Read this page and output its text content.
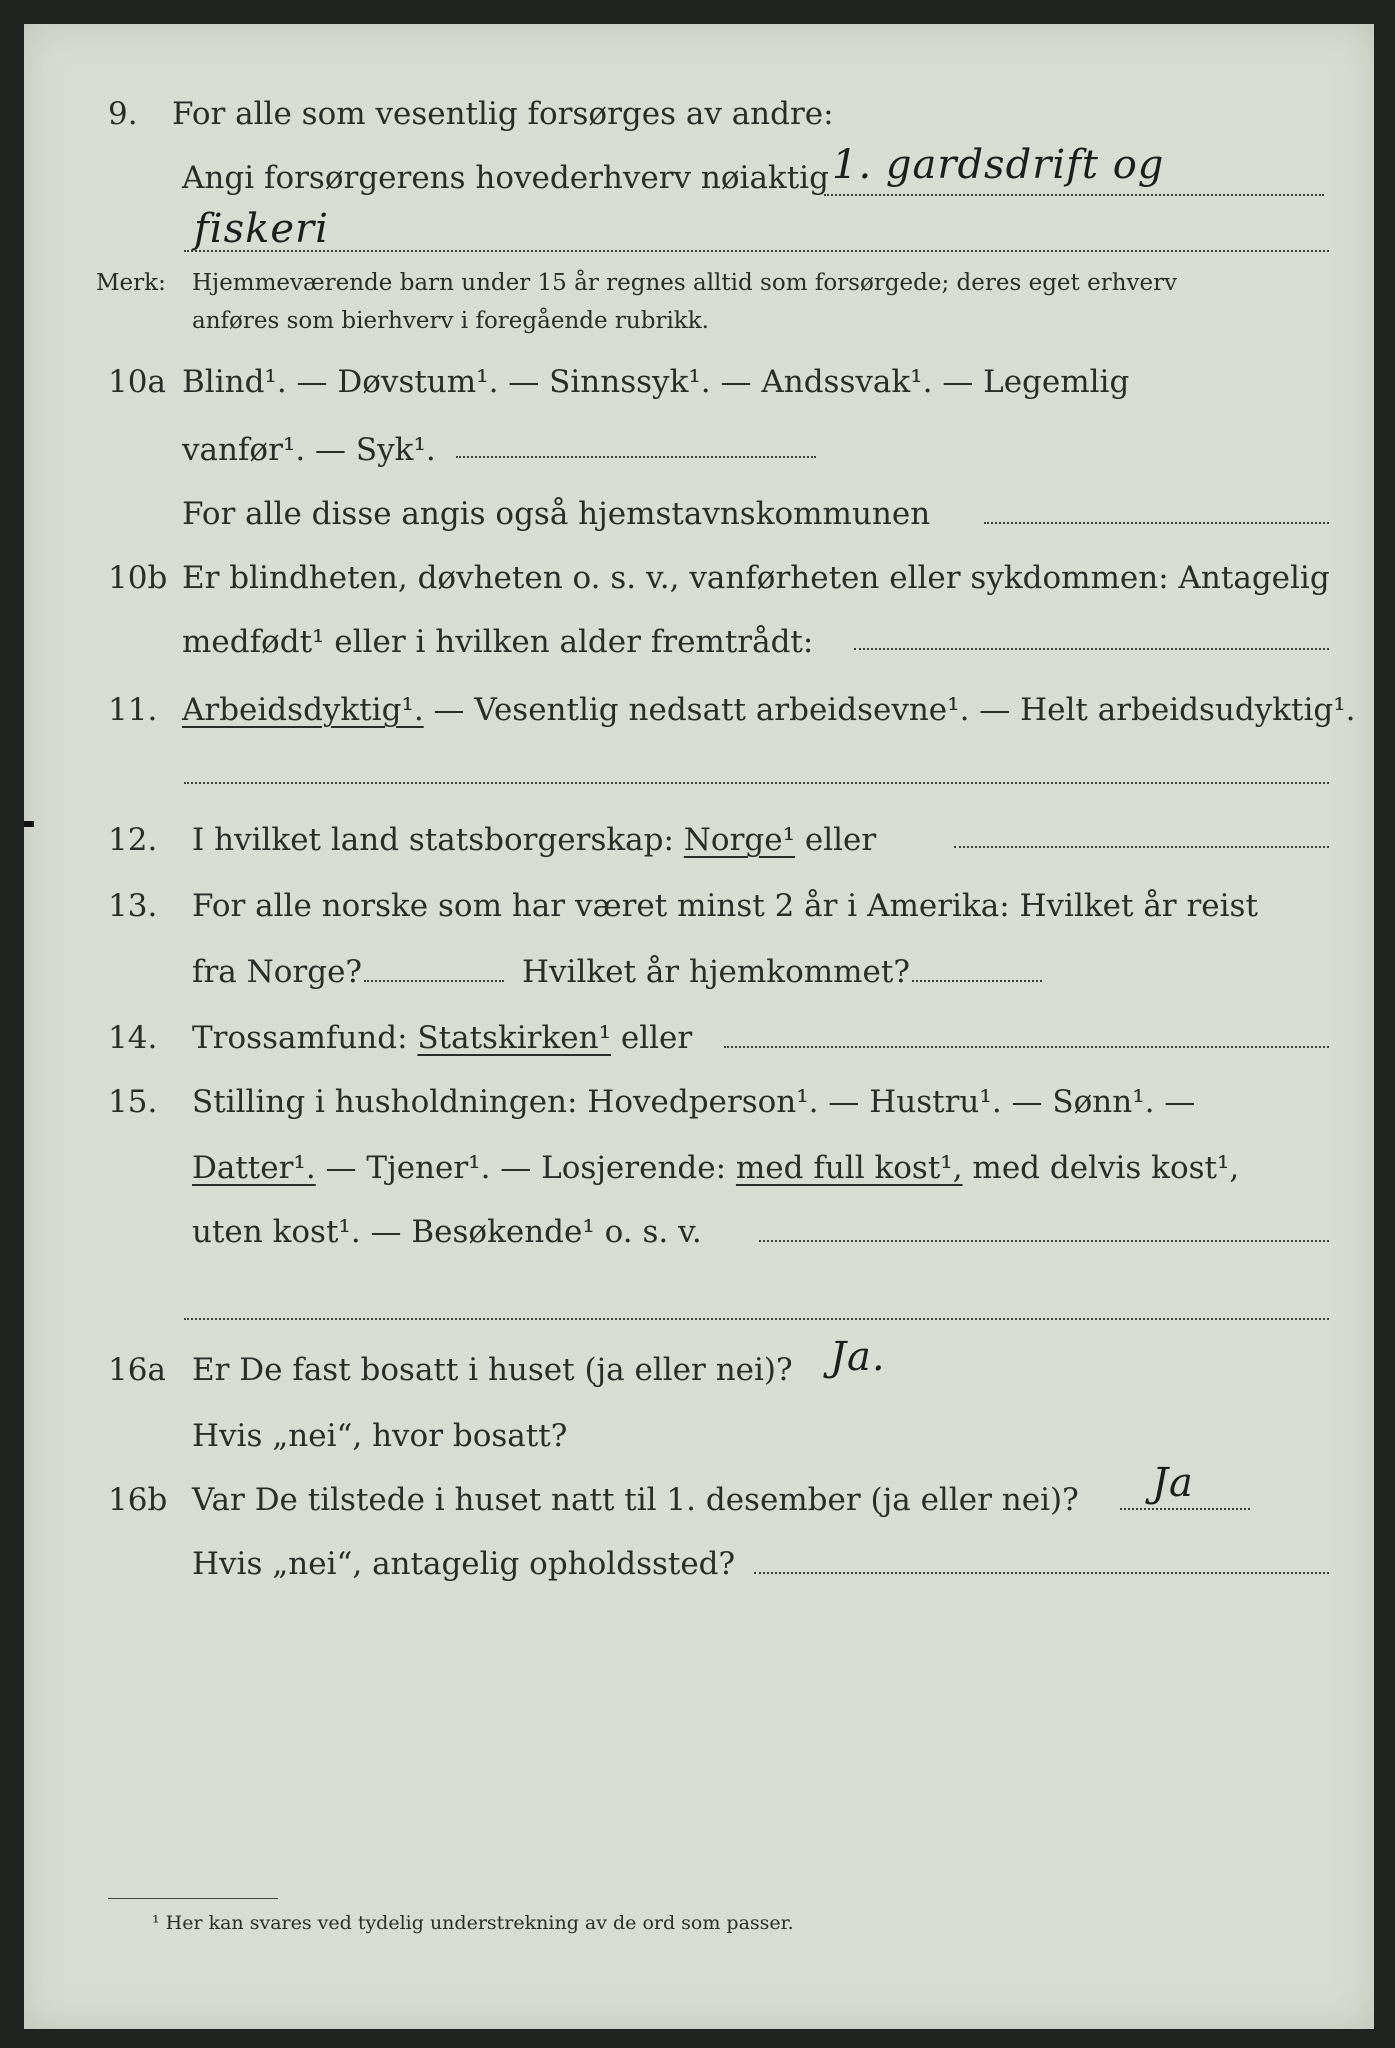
9. For alle som vesentlig forsørges av andre:
Angi forsørgerens hovederhverv nøiaktig 1. gardsdrift og
fiskeri
Merk: Hjemmeværende barn under 15 år regnes alltid som forsørgede; deres eget erhverv
anføres som bierhverv i foregående rubrikk.
10a Blind¹. — Døvstum¹. — Sinnssyk¹. — Andssvak¹. — Legemlig
vanfør¹. — Syk¹.
For alle disse angis også hjemstavnskommunen
10b Er blindheten, døvheten o. s. v., vanførheten eller sykdommen: Antagelig
medfødt¹ eller i hvilken alder fremtrådt:
11. Arbeidsdyktig¹. — Vesentlig nedsatt arbeidsevne¹. — Helt arbeidsudyktig¹.
12. I hvilket land statsborgerskap: Norge¹ eller
13. For alle norske som har været minst 2 år i Amerika: Hvilket år reist
fra Norge?	Hvilket år hjemkommet?
14. Trossamfund: Statskirken¹ eller
15. Stilling i husholdningen: Hovedperson¹. — Hustru¹. — Sønn¹. —
Datter¹. — Tjener¹. — Losjerende: med full kost¹, med delvis kost¹,
uten kost¹. — Besøkende¹ o. s. v.
16a Er De fast bosatt i huset (ja eller nei)? Ja.
Hvis „nei“, hvor bosatt?
16b Var De tilstede i huset natt til 1. desember (ja eller nei)? Ja
Hvis „nei“, antagelig opholdssted?
¹ Her kan svares ved tydelig understrekning av de ord som passer.
